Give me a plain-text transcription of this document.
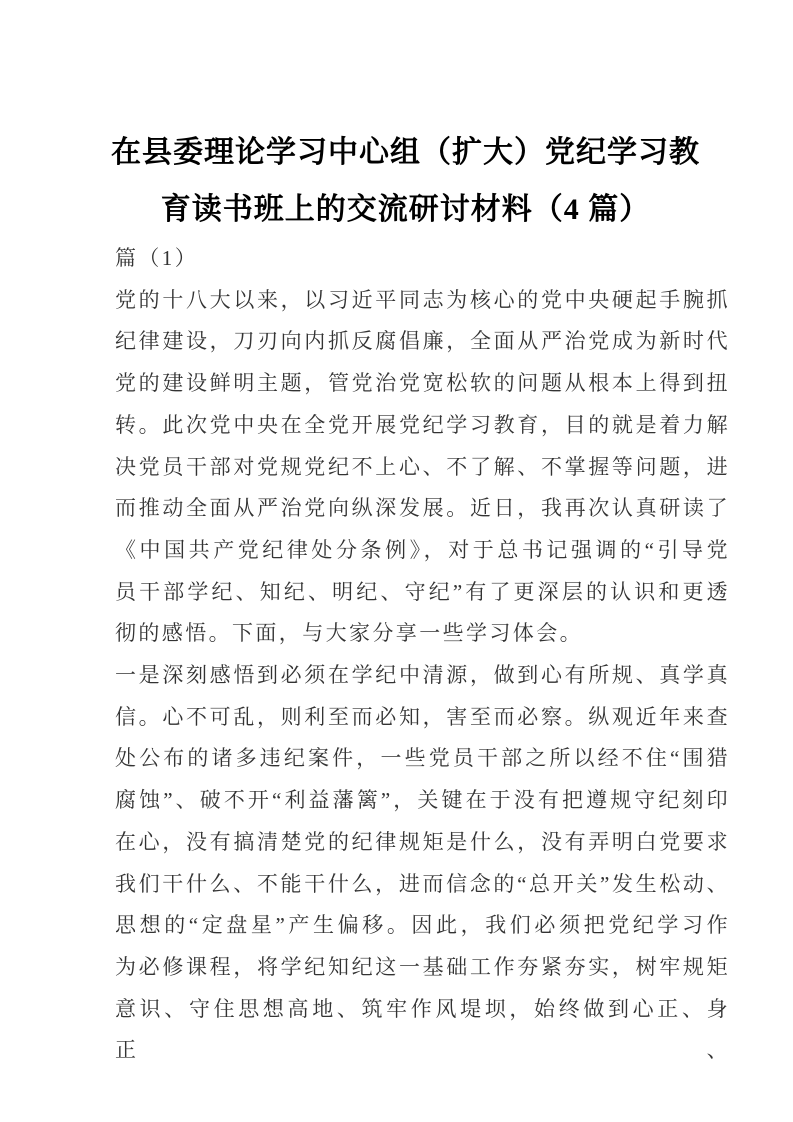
在县委理论学习中心组（扩大）党纪学习教
育读书班上的交流研讨材料（4 篇）
篇（1）
党的十八大以来，以习近平同志为核心的党中央硬起手腕抓
纪律建设，刀刃向内抓反腐倡廉，全面从严治党成为新时代
党的建设鲜明主题，管党治党宽松软的问题从根本上得到扭
转。此次党中央在全党开展党纪学习教育，目的就是着力解
决党员干部对党规党纪不上心、不了解、不掌握等问题，进
而推动全面从严治党向纵深发展。近日，我再次认真研读了
《中国共产党纪律处分条例》，对于总书记强调的“引导党
员干部学纪、知纪、明纪、守纪”有了更深层的认识和更透
彻的感悟。下面，与大家分享一些学习体会。
一是深刻感悟到必须在学纪中清源，做到心有所规、真学真
信。心不可乱，则利至而必知，害至而必察。纵观近年来查
处公布的诸多违纪案件，一些党员干部之所以经不住“围猎
腐蚀”、破不开“利益藩篱”，关键在于没有把遵规守纪刻印
在心，没有搞清楚党的纪律规矩是什么，没有弄明白党要求
我们干什么、不能干什么，进而信念的“总开关”发生松动、
思想的“定盘星”产生偏移。因此，我们必须把党纪学习作
为必修课程，将学纪知纪这一基础工作夯紧夯实，树牢规矩
意识、守住思想高地、筑牢作风堤坝，始终做到心正、身正、
